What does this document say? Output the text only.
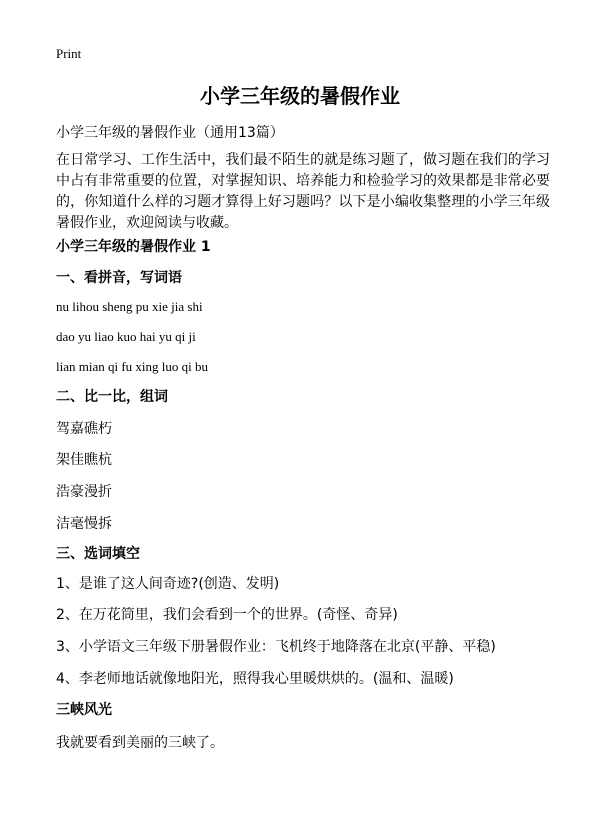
Print
小学三年级的暑假作业
小学三年级的暑假作业（通用13篇）
在日常学习、工作生活中，我们最不陌生的就是练习题了，做习题在我们的学习中占有非常重要的位置，对掌握知识、培养能力和检验学习的效果都是非常必要的，你知道什么样的习题才算得上好习题吗？以下是小编收集整理的小学三年级暑假作业，欢迎阅读与收藏。
小学三年级的暑假作业 1
一、看拼音，写词语
nu lihou sheng pu xie jia shi
dao yu liao kuo hai yu qi ji
lian mian qi fu xing luo qi bu
二、比一比，组词
驾嘉礁朽
架佳瞧杭
浩豪漫折
洁毫慢拆
三、选词填空
1、是谁了这人间奇迹?(创造、发明)
2、在万花筒里，我们会看到一个的世界。(奇怪、奇异)
3、小学语文三年级下册暑假作业：飞机终于地降落在北京(平静、平稳)
4、李老师地话就像地阳光，照得我心里暖烘烘的。(温和、温暖)
三峡风光
我就要看到美丽的三峡了。
